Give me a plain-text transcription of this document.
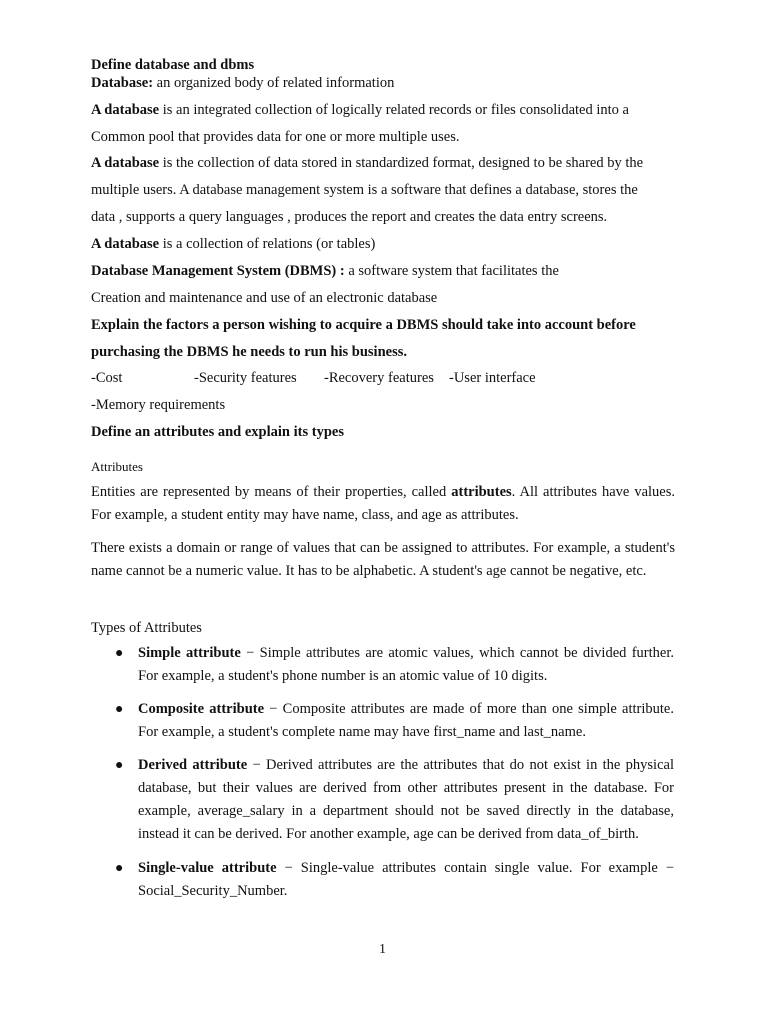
Define database and dbms
Database: an organized body of related information
A database is an integrated collection of logically related records or files consolidated into a
Common pool that provides data for one or more multiple uses.
A database is the collection of data stored in standardized format, designed to be shared by the
multiple users. A database management system is a software that defines a database, stores the
data , supports a query languages , produces the report and creates the data entry screens.
A database is a collection of relations (or tables)
Database Management System (DBMS) : a software system that facilitates the
Creation and maintenance and use of an electronic database
Explain the factors a person wishing to acquire a DBMS should take into account before
purchasing the DBMS he needs to run his business.
-Cost	-Security features -Recovery features -User interface
-Memory requirements
Define an attributes and explain its types
Attributes
Entities are represented by means of their properties, called attributes. All attributes have values. For example, a student entity may have name, class, and age as attributes.
There exists a domain or range of values that can be assigned to attributes. For example, a student's name cannot be a numeric value. It has to be alphabetic. A student's age cannot be negative, etc.
Types of Attributes
● Simple attribute − Simple attributes are atomic values, which cannot be divided further. For example, a student's phone number is an atomic value of 10 digits.
● Composite attribute − Composite attributes are made of more than one simple attribute. For example, a student's complete name may have first_name and last_name.
● Derived attribute − Derived attributes are the attributes that do not exist in the physical database, but their values are derived from other attributes present in the database. For example, average_salary in a department should not be saved directly in the database, instead it can be derived. For another example, age can be derived from data_of_birth.
● Single-value attribute − Single-value attributes contain single value. For example − Social_Security_Number.
1
